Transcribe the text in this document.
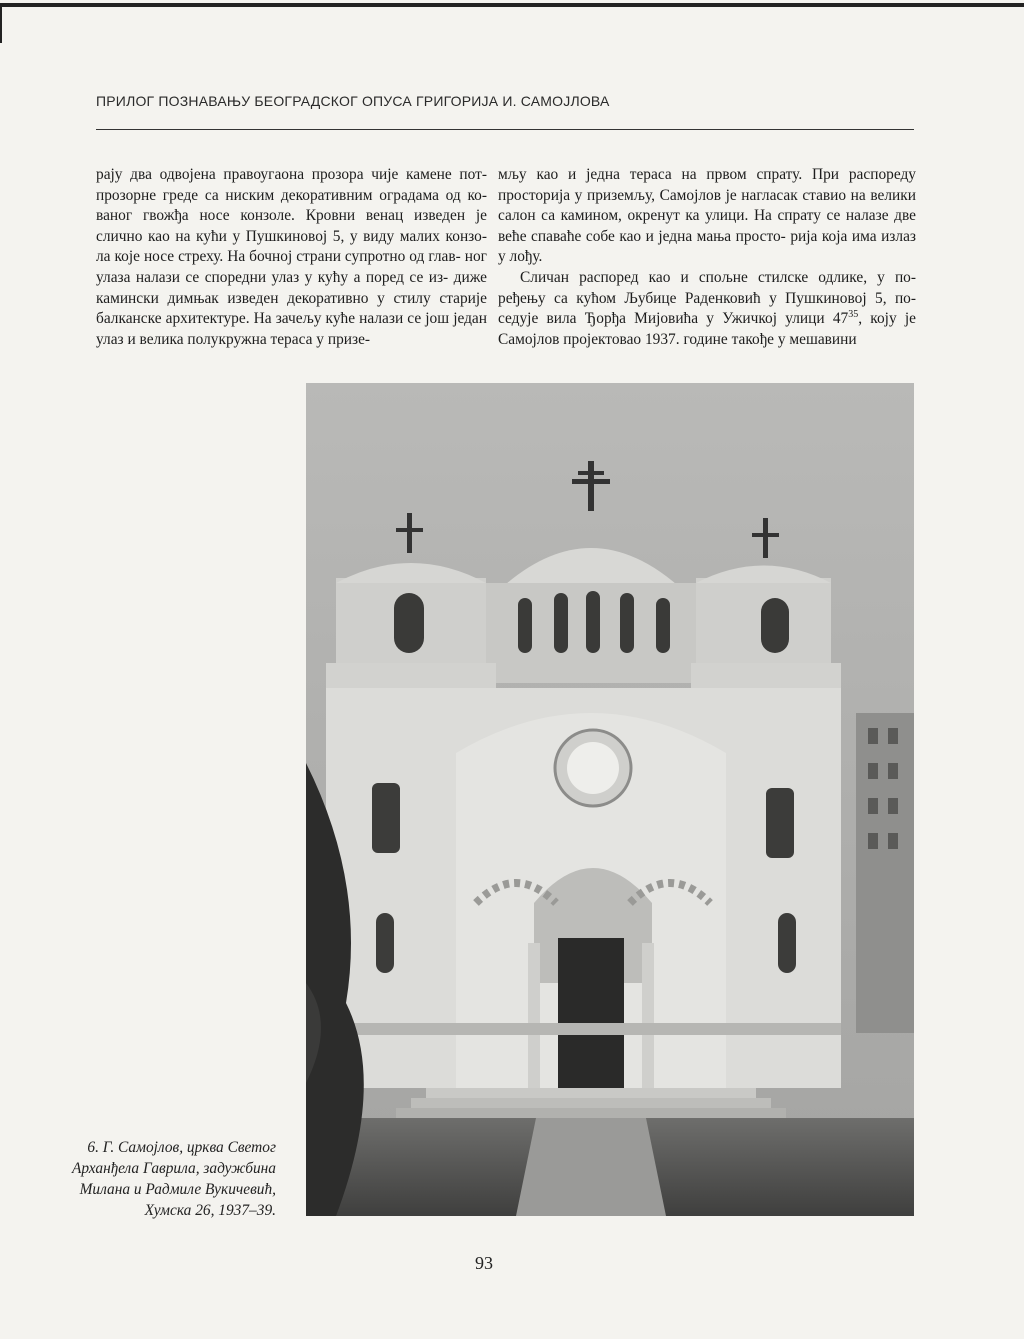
ПРИЛОГ ПОЗНАВАЊУ БЕОГРАДСКОГ ОПУСА ГРИГОРИЈА И. САМОЈЛОВА

рају два одвојена правоугаона прозора чије камене пот- прозорне греде са ниским декоративним оградама од ко- ваног гвожђа носе конзоле. Кровни венац изведен је слично као на кући у Пушкиновој 5, у виду малих конзо- ла које носе стреху. На бочној страни супротно од глав- ног улаза налази се споредни улаз у кућу а поред се из- диже камински димњак изведен декоративно у стилу старије балканске архитектуре. На зачељу куће налази се још један улаз и велика полукружна тераса у призе-

мљу као и једна тераса на првом спрату. При распореду просторија у приземљу, Самојлов је нагласак ставио на велики салон са камином, окренут ка улици. На спрату се налазе две веће спаваће собе као и једна мања просто- рија која има излаз у лођу.

Сличан распоред као и спољне стилске одлике, у по- ређењу са кућом Љубице Раденковић у Пушкиновој 5, по- седује вила Ђорђа Мијовића у Ужичкој улици $47^{35}$, коју је Самојлов пројектовао 1937. године такође у мешавини

6. Г. Самојлов, црква Светог
Арханђела Гаврила, задужбина
Милана и Радмиле Вукичевић,
Хумска 26, 1937–39.
93
